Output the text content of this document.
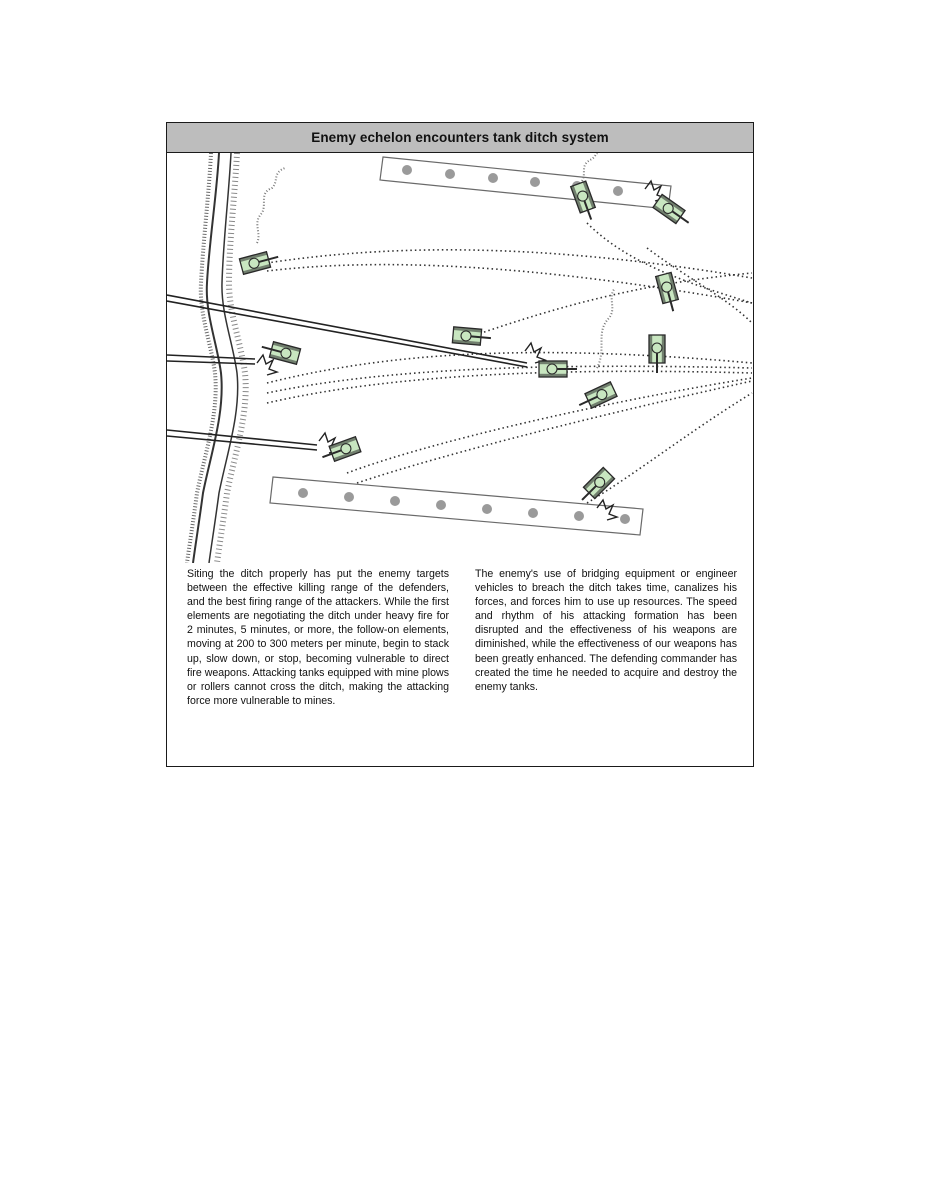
Enemy echelon encounters tank ditch system
Siting the ditch properly has put the enemy targets between the effective killing range of the defenders, and the best firing range of the attackers. While the first elements are negotiating the ditch under heavy fire for 2 minutes, 5 minutes, or more, the follow-on elements, moving at 200 to 300 meters per minute, begin to stack up, slow down, or stop, becoming vulnerable to direct fire weapons. Attacking tanks equipped with mine plows or rollers cannot cross the ditch, making the attacking force more vulnerable to mines.
The enemy's use of bridging equipment or engineer vehicles to breach the ditch takes time, canalizes his forces, and forces him to use up resources. The speed and rhythm of his attacking formation has been disrupted and the effectiveness of his weapons are diminished, while the effectiveness of our weapons has been greatly enhanced. The defending commander has created the time he needed to acquire and destroy the enemy tanks.
